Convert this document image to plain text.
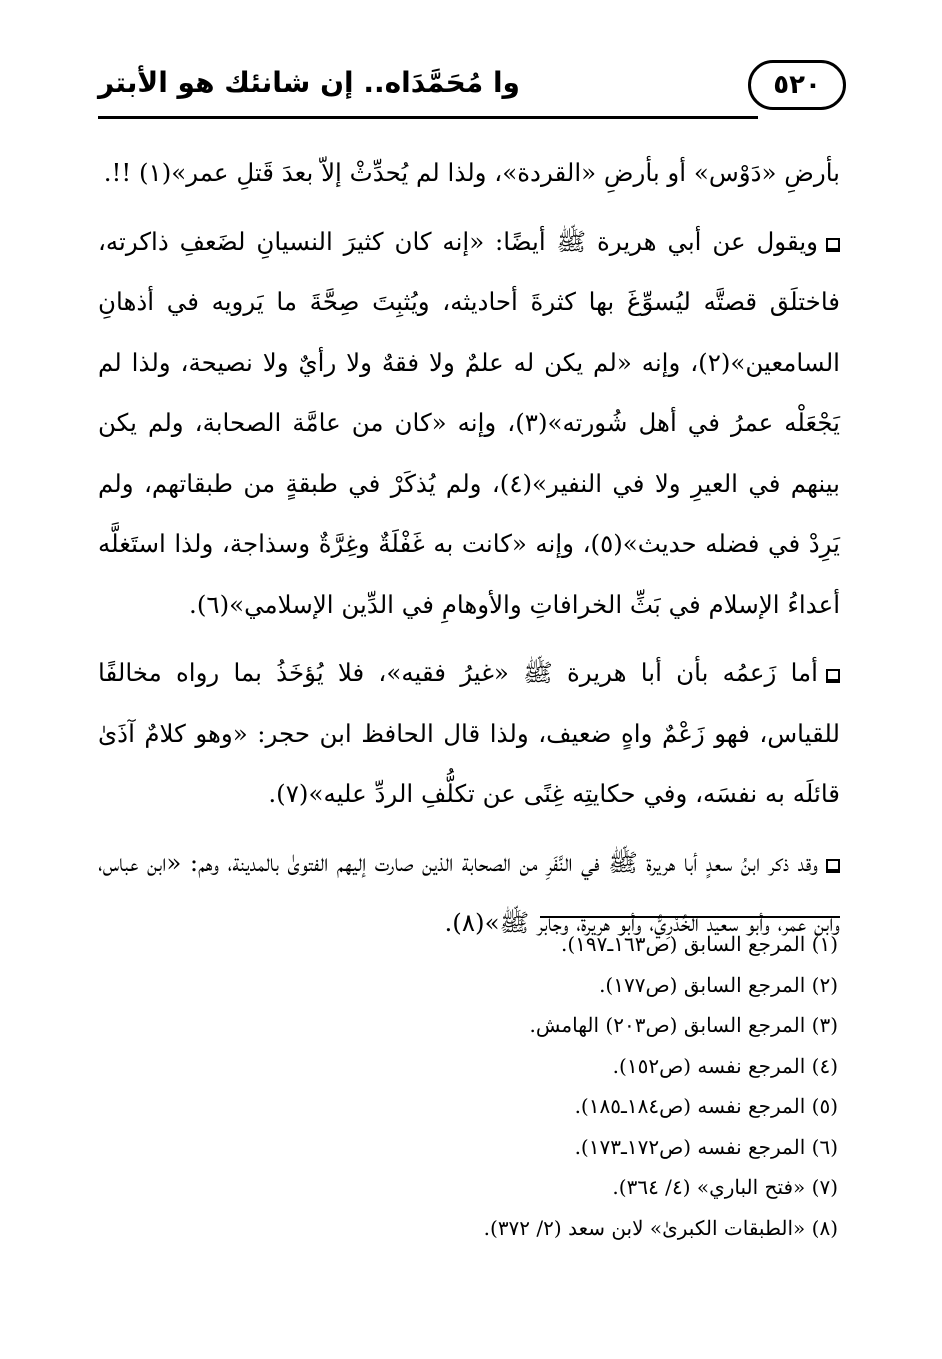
٥٢٠
وا مُحَمَّدَاه.. إن شانئك هو الأبتر

بأرضِ «دَوْس» أو بأرضِ «القردة»، ولذا لم يُحدِّثْ إلاّ بعدَ قَتلِ عمر»(١) !!.

ويقول عن أبي هريرة ﷺ أيضًا: «إنه كان كثيرَ النسيانِ لضَعفِ ذاكرته، فاختلَق قصتَّه ليُسوِّغَ بها كثرةَ أحاديثه، ويُثبِتَ صِحَّةَ ما يَرويه في أذهانِ السامعين»(٢)، وإنه «لم يكن له علمٌ ولا فقهٌ ولا رأيٌ ولا نصيحة، ولذا لم يَجْعَلْه عمرُ في أهل شُورته»(٣)، وإنه «كان من عامَّة الصحابة، ولم يكن بينهم في العيرِ ولا في النفير»(٤)، ولم يُذكَرْ في طبقةٍ من طبقاتهم، ولم يَرِدْ في فضله حديث»(٥)، وإنه «كانت به غَفْلَةٌ وغِرَّةٌ وسذاجة، ولذا استَغلَّه أعداءُ الإسلام في بَثِّ الخرافاتِ والأوهامِ في الدِّين الإسلامي»(٦).

أما زَعمُه بأن أبا هريرة ﷺ «غيرُ فقيه»، فلا يُؤخَذُ بما رواه مخالفًا للقياس، فهو زَعْمٌ واهٍ ضعيف، ولذا قال الحافظ ابن حجر: «وهو كلامٌ آذَىٰ قائلَه به نفسَه، وفي حكايتِه غِنًى عن تكلُّفِ الردِّ عليه»(٧).

وقد ذكر ابنُ سعدٍ أبا هريرة ﷺ في النَّفَرِ من الصحابة الذين صارت إليهم الفتوىٰ بالمدينة، وهم: «ابن عباس، وابن عمر، وأبو سعيد الخُدْرِيُّ، وأبو هريرة، وجابر ﷺ»(٨).

(١) المرجع السابق (ص١٦٣ـ١٩٧).
(٢) المرجع السابق (ص١٧٧).
(٣) المرجع السابق (ص٢٠٣) الهامش.
(٤) المرجع نفسه (ص١٥٢).
(٥) المرجع نفسه (ص١٨٤ـ١٨٥).
(٦) المرجع نفسه (ص١٧٢ـ١٧٣).
(٧) «فتح الباري» (٤/ ٣٦٤).
(٨) «الطبقات الكبرىٰ» لابن سعد (٢/ ٣٧٢).
